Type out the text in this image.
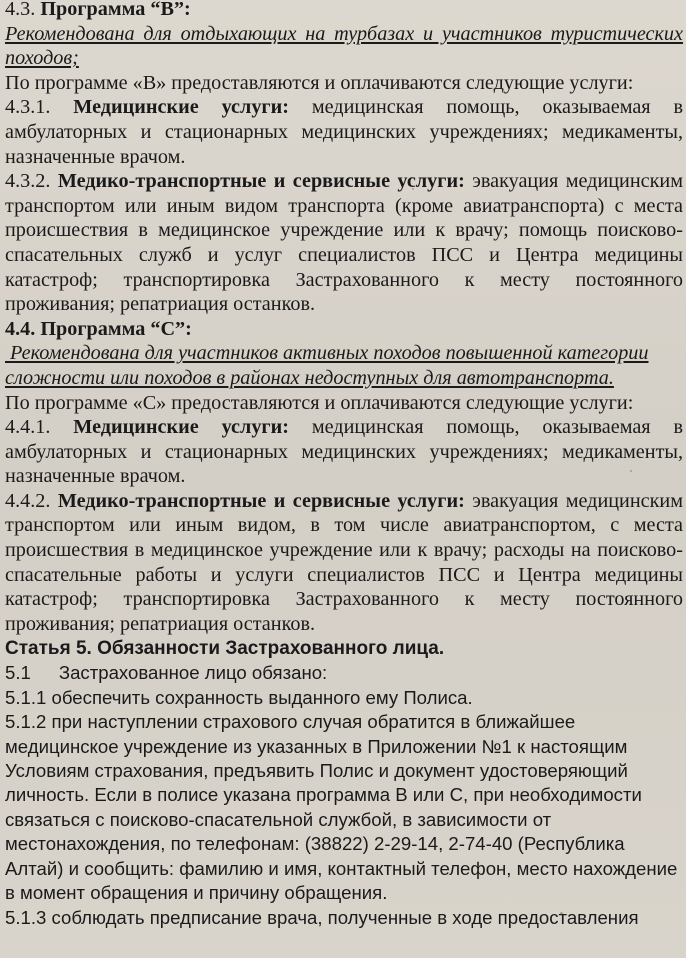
4.3. Программа “В”:

Рекомендована для отдыхающих на турбазах и участников туристических походов;

По программе «В» предоставляются и оплачиваются следующие услуги:

4.3.1. Медицинские услуги: медицинская помощь, оказываемая в амбулаторных и стационарных медицинских учреждениях; медикаменты, назначенные врачом.

4.3.2. Медико-транспортные и сервисные услуги: эвакуация медицинским транспортом или иным видом транспорта (кроме авиатранспорта) с места происшествия в медицинское учреждение или к врачу; помощь поисково-спасательных служб и услуг специалистов ПСС и Центра медицины катастроф; транспортировка Застрахованного к месту постоянного проживания; репатриация останков.

4.4. Программа “С”:

Рекомендована для участников активных походов повышенной категории сложности или походов в районах недоступных для автотранспорта.

По программе «С» предоставляются и оплачиваются следующие услуги:

4.4.1. Медицинские услуги: медицинская помощь, оказываемая в амбулаторных и стационарных медицинских учреждениях; медикаменты, назначенные врачом.

4.4.2. Медико-транспортные и сервисные услуги: эвакуация медицинским транспортом или иным видом, в том числе авиатранспортом, с места происшествия в медицинское учреждение или к врачу; расходы на поисково-спасательные работы и услуги специалистов ПСС и Центра медицины катастроф; транспортировка Застрахованного к месту постоянного проживания; репатриация останков.

Статья 5. Обязанности Застрахованного лица.

5.1 Застрахованное лицо обязано:

5.1.1 обеспечить сохранность выданного ему Полиса.

5.1.2 при наступлении страхового случая обратится в ближайшее медицинское учреждение из указанных в Приложении №1 к настоящим Условиям страхования, предъявить Полис и документ удостоверяющий личность. Если в полисе указана программа В или С, при необходимости связаться с поисково-спасательной службой, в зависимости от местонахождения, по телефонам: (38822) 2-29-14, 2-74-40 (Республика Алтай) и сообщить: фамилию и имя, контактный телефон, место нахождение в момент обращения и причину обращения.

5.1.3 соблюдать предписание врача, полученные в ходе предоставления
